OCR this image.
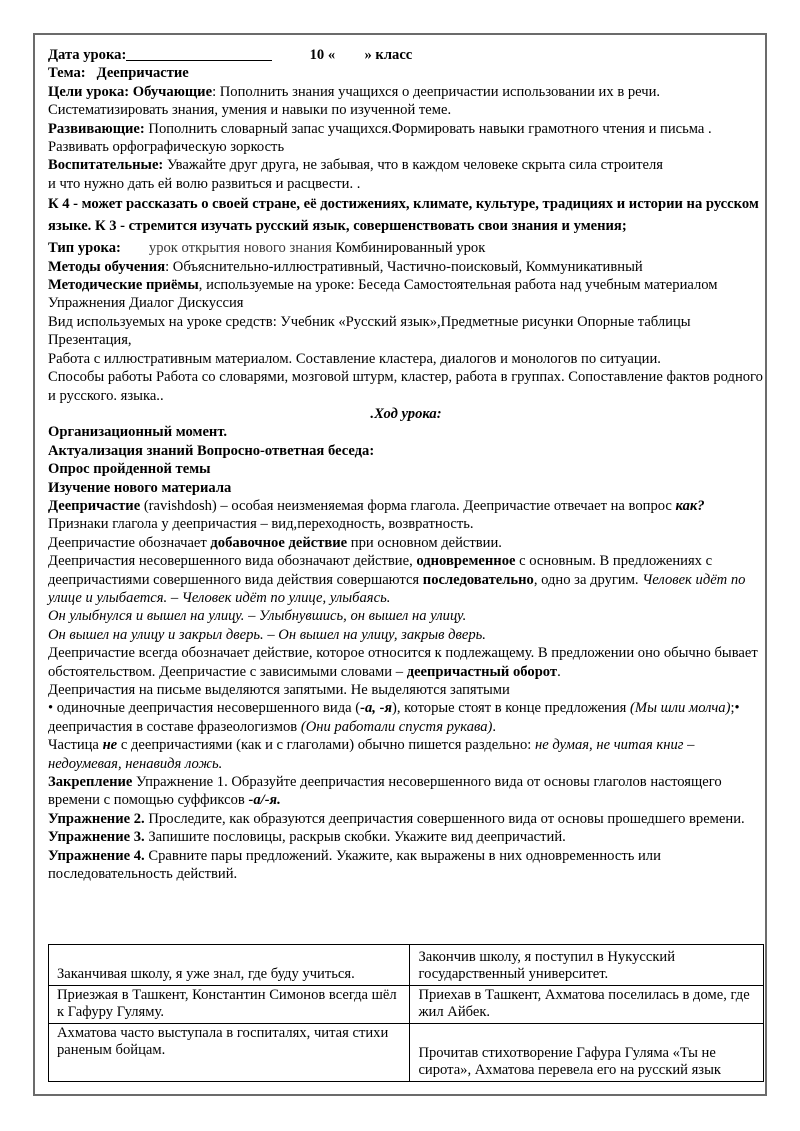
Дата урока:	10 « » класс

Тема: Деепричастие

Цели урока: Обучающие: Пополнить знания учащихся о деепричастии использовании их в речи. Систематизировать знания, умения и навыки по изученной теме.

Развивающие: Пополнить словарный запас учащихся.Формировать навыки грамотного чтения и письма . Развивать орфографическую зоркость

Воспитательные: Уважайте друг друга, не забывая, что в каждом человеке скрыта сила строителя и что нужно дать ей волю развиться и расцвести. .

К 4 - может рассказать о своей стране, её достижениях, климате, культуре, традициях и истории на русском языке. К 3 - стремится изучать русский язык, совершенствовать свои знания и умения;

Тип урока: урок открытия нового знания Комбинированный урок

Методы обучения: Объяснительно-иллюстративный, Частично-поисковый, Коммуникативный

Методические приёмы, используемые на уроке: Беседа Самостоятельная работа над учебным материалом Упражнения Диалог Дискуссия

Вид используемых на уроке средств: Учебник «Русский язык»,Предметные рисунки Опорные таблицы Презентация,

Работа с иллюстративным материалом. Составление кластера, диалогов и монологов по ситуации.

Способы работы Работа со словарями, мозговой штурм, кластер, работа в группах. Сопоставление фактов родного и русского. языка..

.Ход урока:

Организационный момент.

Актуализация знаний Вопросно-ответная беседа:

Опрос пройденной темы

Изучение нового материала

Деепричастие (ravishdosh) – особая неизменяемая форма глагола. Деепричастие отвечает на вопрос как? Признаки глагола у деепричастия – вид,переходность, возвратность.

Деепричастие обозначает добавочное действие при основном действии.

Деепричастия несовершенного вида обозначают действие, одновременное с основным. В предложениях с деепричастиями совершенного вида действия совершаются последовательно, одно за другим. Человек идёт по улице и улыбается. – Человек идёт по улице, улыбаясь.

Он улыбнулся и вышел на улицу. – Улыбнувшись, он вышел на улицу.

Он вышел на улицу и закрыл дверь. – Он вышел на улицу, закрыв дверь.

Деепричастие всегда обозначает действие, которое относится к подлежащему. В предложении оно обычно бывает обстоятельством. Деепричастие с зависимыми словами – деепричастный оборот.

Деепричастия на письме выделяются запятыми. Не выделяются запятыми

• одиночные деепричастия несовершенного вида (-а, -я), которые стоят в конце предложения (Мы шли молча);• деепричастия в составе фразеологизмов (Они работали спустя рукава).

Частица не с деепричастиями (как и с глаголами) обычно пишется раздельно: не думая, не читая книг – недоумевая, ненавидя ложь.

Закрепление Упражнение 1. Образуйте деепричастия несовершенного вида от основы глаголов настоящего времени с помощью суффиксов -а/-я.

Упражнение 2. Проследите, как образуются деепричастия совершенного вида от основы прошедшего времени.

Упражнение 3. Запишите пословицы, раскрыв скобки. Укажите вид деепричастий.

Упражнение 4. Сравните пары предложений. Укажите, как выражены в них одновременность или последовательность действий.

Заканчивая школу, я уже знал, где буду учиться.	Закончив школу, я поступил в Нукусский государственный университет.
Приезжая в Ташкент, Константин Симонов всегда шёл к Гафуру Гуляму.	Приехав в Ташкент, Ахматова поселилась в доме, где жил Айбек.
Ахматова часто выступала в госпиталях, читая стихи раненым бойцам.	Прочитав стихотворение Гафура Гуляма «Ты не сирота», Ахматова перевела его на русский язык
